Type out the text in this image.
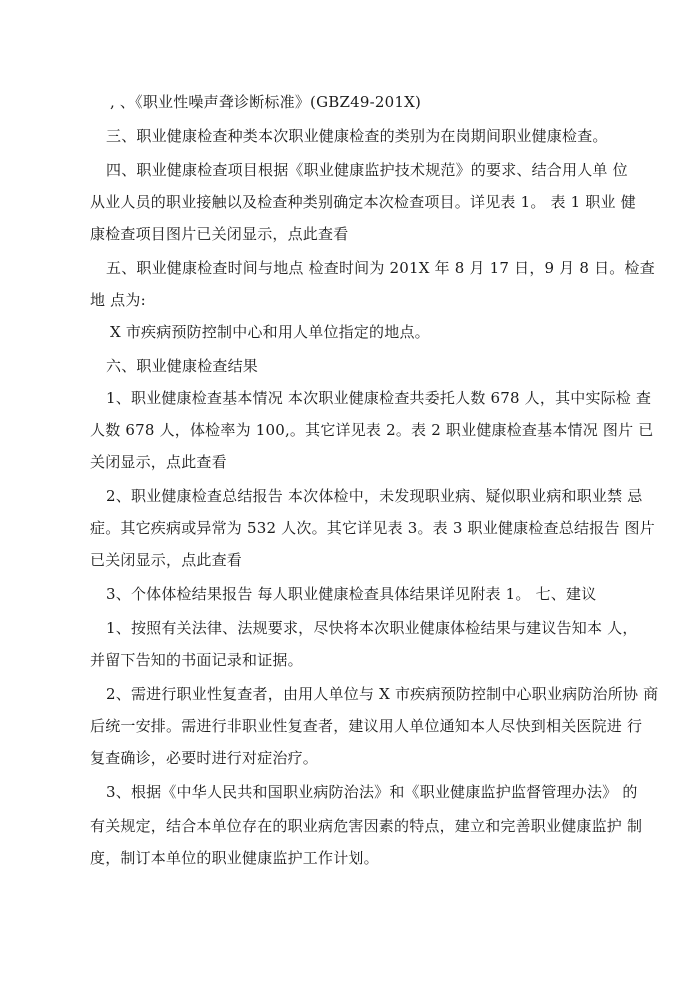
, 、《职业性噪声聋诊断标准》(GBZ49-201X)
三、职业健康检查种类本次职业健康检查的类别为在岗期间职业健康检查。
四、职业健康检查项目根据《职业健康监护技术规范》的要求、结合用人单 位
从业人员的职业接触以及检查种类别确定本次检查项目。详见表 1。 表 1 职业 健
康检查项目图片已关闭显示，点此查看
五、职业健康检查时间与地点 检查时间为 201X 年 8 月 17 日，9 月 8 日。检查
地 点为:
X 市疾病预防控制中心和用人单位指定的地点。
六、职业健康检查结果
1、职业健康检查基本情况 本次职业健康检查共委托人数 678 人，其中实际检 查
人数 678 人，体检率为 100,。其它详见表 2。表 2 职业健康检查基本情况 图片 已
关闭显示，点此查看
2、职业健康检查总结报告 本次体检中，未发现职业病、疑似职业病和职业禁 忌
症。其它疾病或异常为 532 人次。其它详见表 3。表 3 职业健康检查总结报告 图片
已关闭显示，点此查看
3、个体体检结果报告 每人职业健康检查具体结果详见附表 1。 七、建议
1、按照有关法律、法规要求，尽快将本次职业健康体检结果与建议告知本 人，
并留下告知的书面记录和证据。
2、需进行职业性复查者，由用人单位与 X 市疾病预防控制中心职业病防治所协 商
后统一安排。需进行非职业性复查者，建议用人单位通知本人尽快到相关医院进 行
复查确诊，必要时进行对症治疗。
3、根据《中华人民共和国职业病防治法》和《职业健康监护监督管理办法》 的
有关规定，结合本单位存在的职业病危害因素的特点，建立和完善职业健康监护 制
度，制订本单位的职业健康监护工作计划。
